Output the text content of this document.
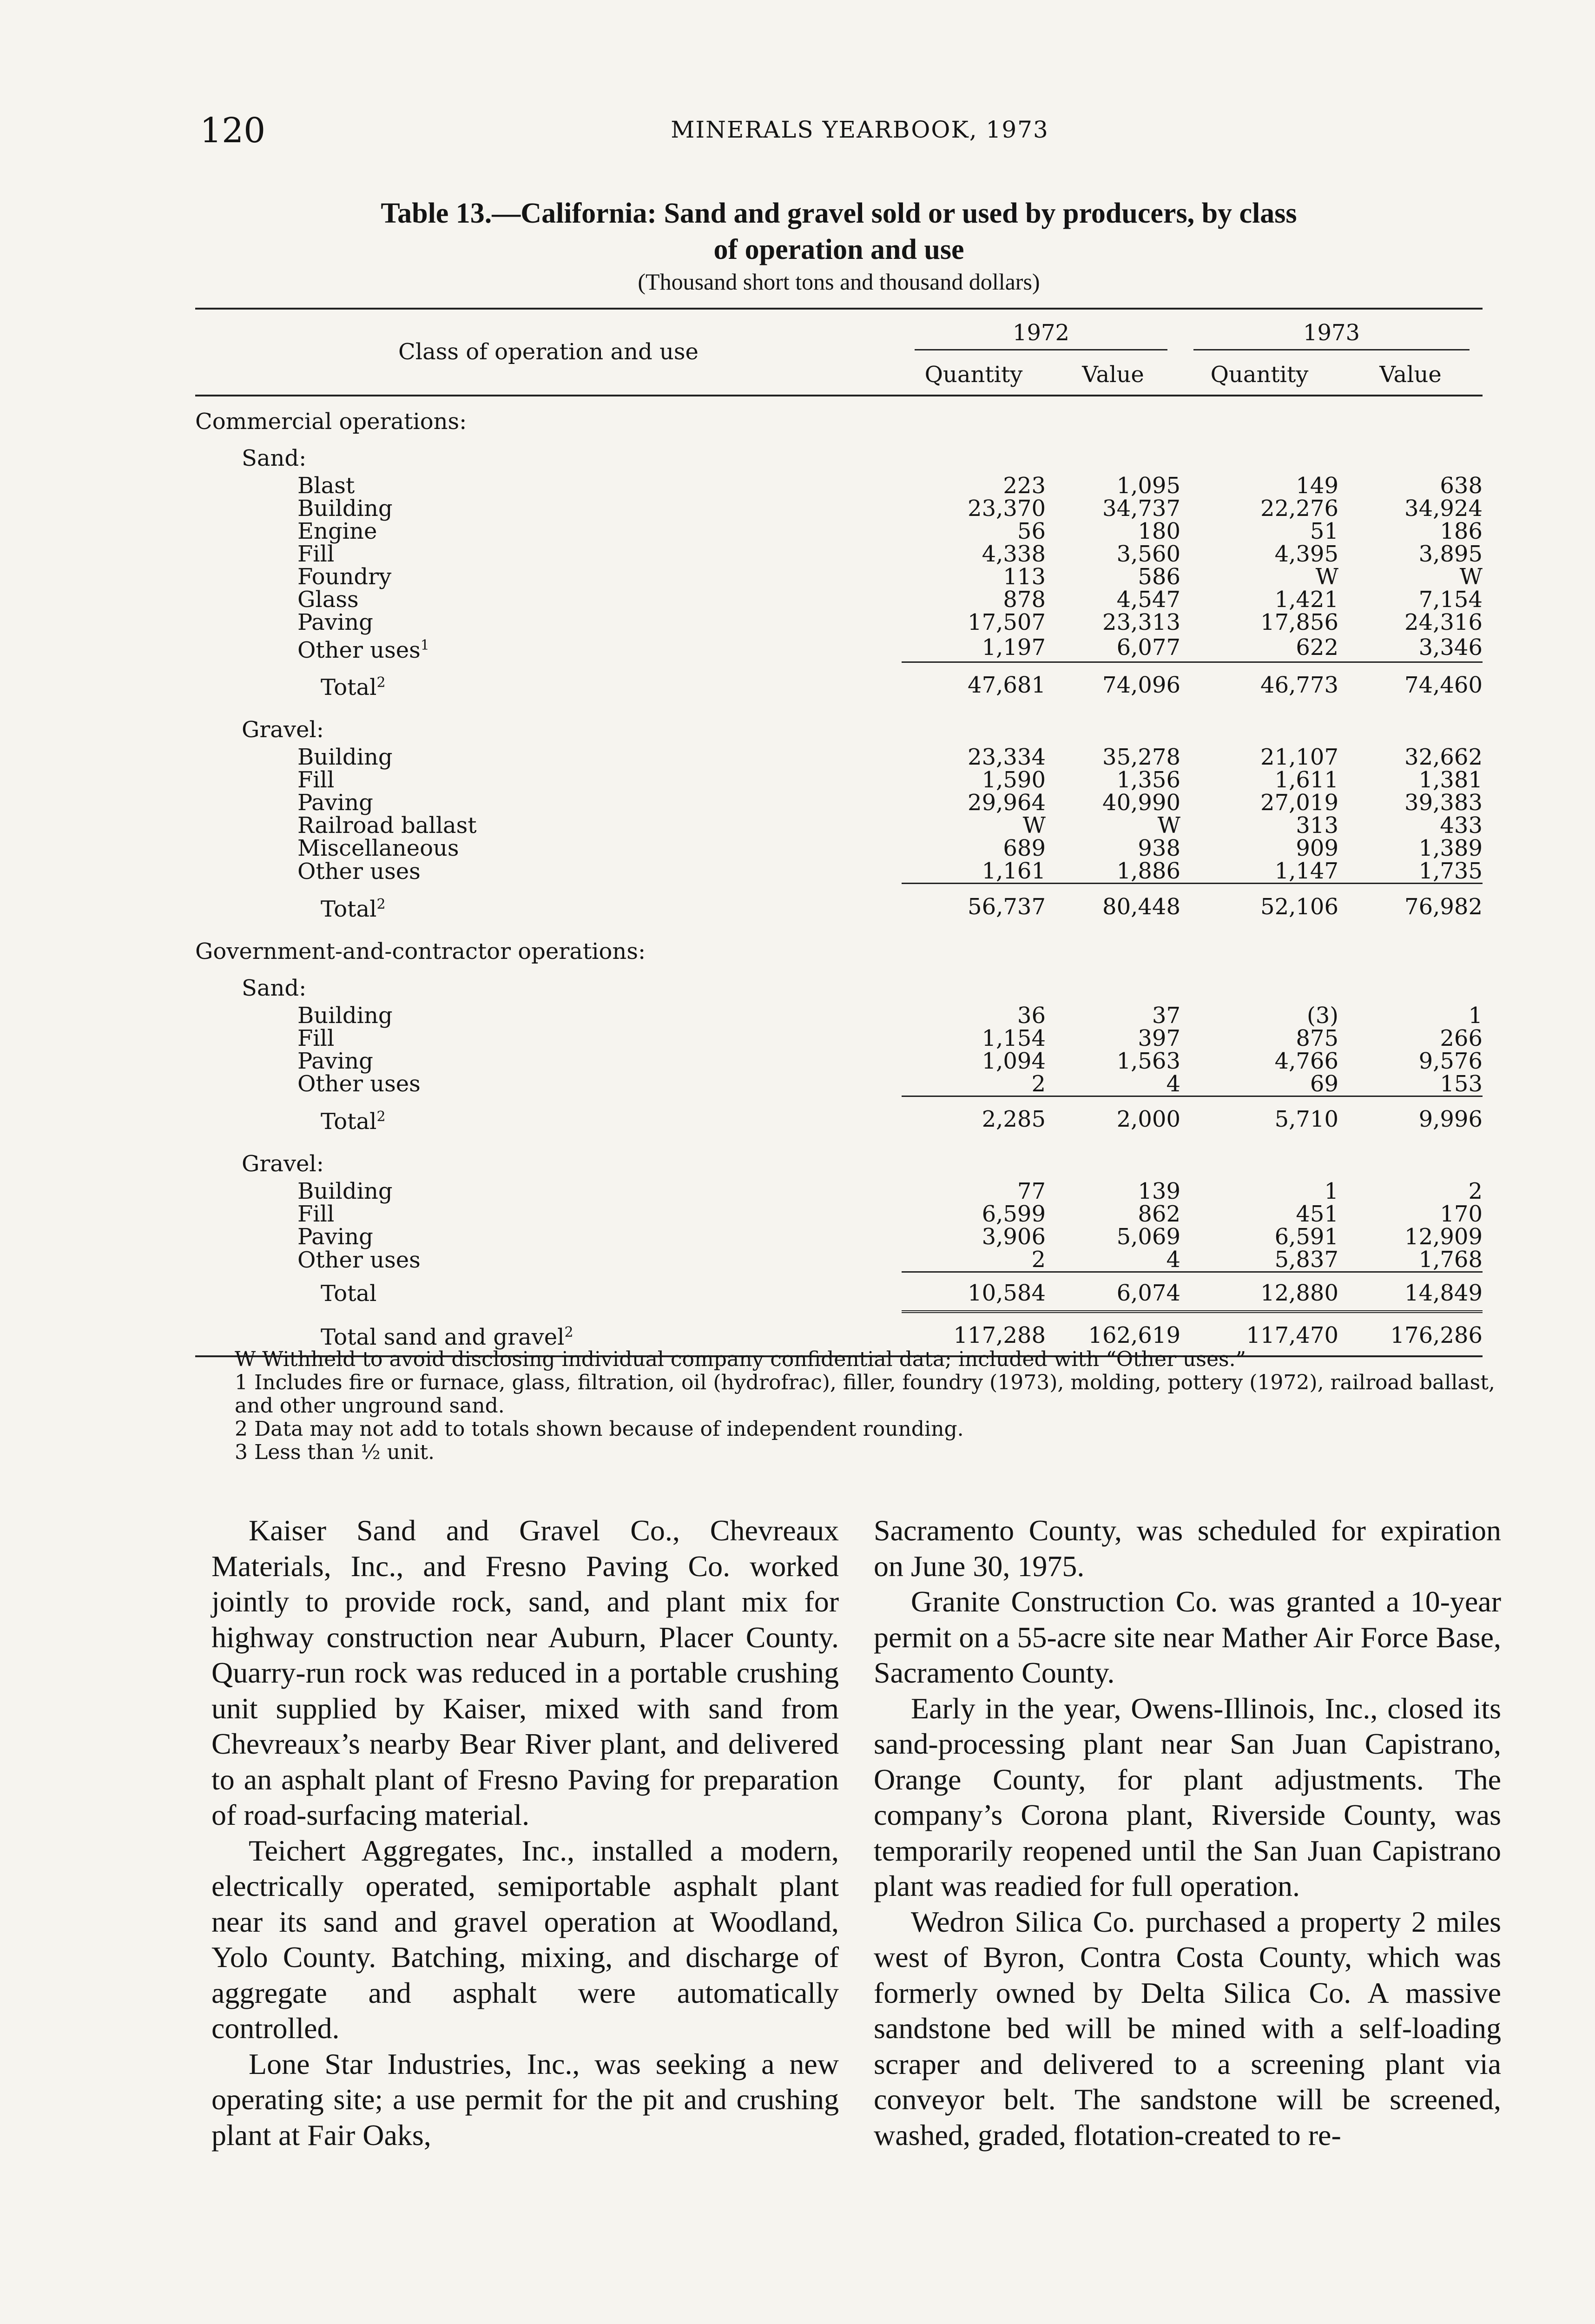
120	MINERALS YEARBOOK, 1973
Table 13.—California: Sand and gravel sold or used by producers, by class
of operation and use
(Thousand short tons and thousand dollars)
Class of operation and use	1972		1973	

	Quantity	Value	Quantity	Value
Commercial operations:				
Sand:				
Blast	223	1,095	149	638
Building	23,370	34,737	22,276	34,924
Engine	56	180	51	186
Fill	4,338	3,560	4,395	3,895
Foundry	113	586	W	W
Glass	878	4,547	1,421	7,154
Paving	17,507	23,313	17,856	24,316
Other uses$^1$	1,197	6,077	622	3,346
Total$^2$	47,681	74,096	46,773	74,460
Gravel:				
Building	23,334	35,278	21,107	32,662
Fill	1,590	1,356	1,611	1,381
Paving	29,964	40,990	27,019	39,383
Railroad ballast	W	W	313	433
Miscellaneous	689	938	909	1,389
Other uses	1,161	1,886	1,147	1,735
Total$^2$	56,737	80,448	52,106	76,982
Government-and-contractor operations:				
Sand:				
Building	36	37	(3)	1
Fill	1,154	397	875	266
Paving	1,094	1,563	4,766	9,576
Other uses	2	4	69	153
Total$^2$	2,285	2,000	5,710	9,996
Gravel:				
Building	77	139	1	2
Fill	6,599	862	451	170
Paving	3,906	5,069	6,591	12,909
Other uses	2	4	5,837	1,768
Total	10,584	6,074	12,880	14,849
Total sand and gravel$^2$	117,288	162,619	117,470	176,286
W Withheld to avoid disclosing individual company confidential data; included with “Other uses.”
1 Includes fire or furnace, glass, filtration, oil (hydrofrac), filler, foundry (1973), molding, pottery (1972), railroad ballast, and other unground sand.
2 Data may not add to totals shown because of independent rounding.
3 Less than ½ unit.

Kaiser Sand and Gravel Co., Chevreaux Materials, Inc., and Fresno Paving Co. worked jointly to provide rock, sand, and plant mix for highway construction near Auburn, Placer County. Quarry-run rock was reduced in a portable crushing unit supplied by Kaiser, mixed with sand from Chevreaux’s nearby Bear River plant, and delivered to an asphalt plant of Fresno Paving for preparation of road-surfacing material.

Teichert Aggregates, Inc., installed a modern, electrically operated, semiportable asphalt plant near its sand and gravel operation at Woodland, Yolo County. Batching, mixing, and discharge of aggregate and asphalt were automatically controlled.

Lone Star Industries, Inc., was seeking a new operating site; a use permit for the pit and crushing plant at Fair Oaks,

Sacramento County, was scheduled for expiration on June 30, 1975.

Granite Construction Co. was granted a 10-year permit on a 55-acre site near Mather Air Force Base, Sacramento County.

Early in the year, Owens-Illinois, Inc., closed its sand-processing plant near San Juan Capistrano, Orange County, for plant adjustments. The company’s Corona plant, Riverside County, was temporarily reopened until the San Juan Capistrano plant was readied for full operation.

Wedron Silica Co. purchased a property 2 miles west of Byron, Contra Costa County, which was formerly owned by Delta Silica Co. A massive sandstone bed will be mined with a self-loading scraper and delivered to a screening plant via conveyor belt. The sandstone will be screened, washed, graded, flotation-created to re-
